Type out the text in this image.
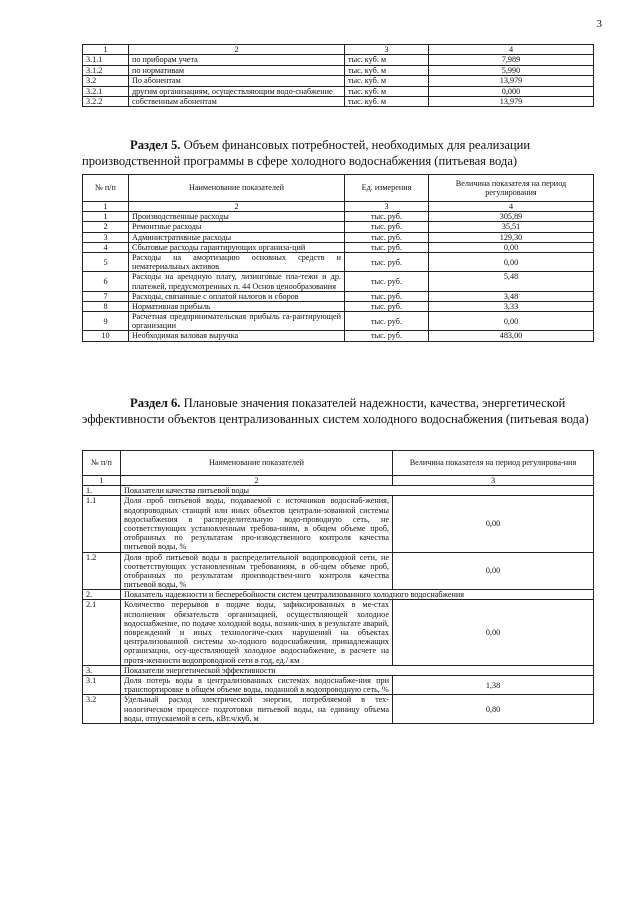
3
1	2	3	4
3.1.1	по приборам учета	тыс. куб. м	7,989
3.1.2	по нормативам	тыс. куб. м	5,990
3.2	По абонентам	тыс. куб. м	13,979
3.2.1	другим организациям, осуществляющим водо-снабжение	тыс. куб. м	0,000
3.2.2	собственным абонентам	тыс. куб. м	13,979
Раздел 5. Объем финансовых потребностей, необходимых для реализации производственной программы в сфере холодного водоснабжения (питьевая вода)
№ п/п	Наименование показателей	Ед. измерения	Величина показателя на период регулирования
1	2	3	4
1	Производственные расходы	тыс. руб.	305,89
2	Ремонтные расходы	тыс. руб.	35,51
3	Административные расходы	тыс. руб.	129,30
4	Сбытовые расходы гарантирующих организа-ций	тыс. руб.	0,00
5	Расходы на амортизацию основных средств и нематериальных активов	тыс. руб.	0,00
6	Расходы на арендную плату, лизинговые пла-тежи и др. платежей, предусмотренных п. 44 Основ ценообразования	тыс. руб.	5,48
7	Расходы, связанные с оплатой налогов и сборов	тыс. руб.	3,48
8	Нормативная прибыль	тыс. руб.	3,33
9	Расчетная предпринимательская прибыль га-рантирующей организации	тыс. руб.	0,00
10	Необходимая валовая выручка	тыс. руб.	483,00
Раздел 6. Плановые значения показателей надежности, качества, энергетической эффективности объектов централизованных систем холодного водоснабжения (питьевая вода)
№ п/п	Наименование показателей	Величина показателя на период регулирова-ния
1	2	3
1.	Показатели качества питьевой воды	
1.1	Доля проб питьевой воды, подаваемой с источников водоснаб-жения, водопроводных станций или иных объектов централи-зованной системы водоснабжения в распределительную водо-проводную сеть, не соответствующих установленным требова-ниям, в общем объеме проб, отобранных по результатам про-изводственного контроля качества питьевой воды, %	0,00
1.2	Доля проб питьевой воды в распределительной водопроводной сети, не соответствующих установленным требованиям, в об-щем объеме проб, отобранных по результатам производствен-ного контроля качества питьевой воды, %	0,00
2.	Показатель надежности и бесперебойности систем централизованного холодного водоснабжения	
2.1	Количество перерывов в подаче воды, зафиксированных в ме-стах исполнения обязательств организацией, осуществляющей холодное водоснабжение, по подаче холодной воды, возник-ших в результате аварий, повреждений и иных технологиче-ских нарушений на объектах централизованной системы хо-лодного водоснабжения, принадлежащих организации, осу-ществляющей холодное водоснабжение, в расчете на протя-женности водопроводной сети в год, ед./ км	0,00
3.	Показатели энергетической эффективности	
3.1	Доля потерь воды в централизованных системах водоснабже-ния при транспортировке в общем объеме воды, поданной в водопроводную сеть, %	1,38
3.2	Удельный расход электрической энергии, потребляемой в тех-нологическом процессе подготовки питьевой воды, на единицу объема воды, отпускаемой в сеть, кВт.ч/куб. м	0,80
